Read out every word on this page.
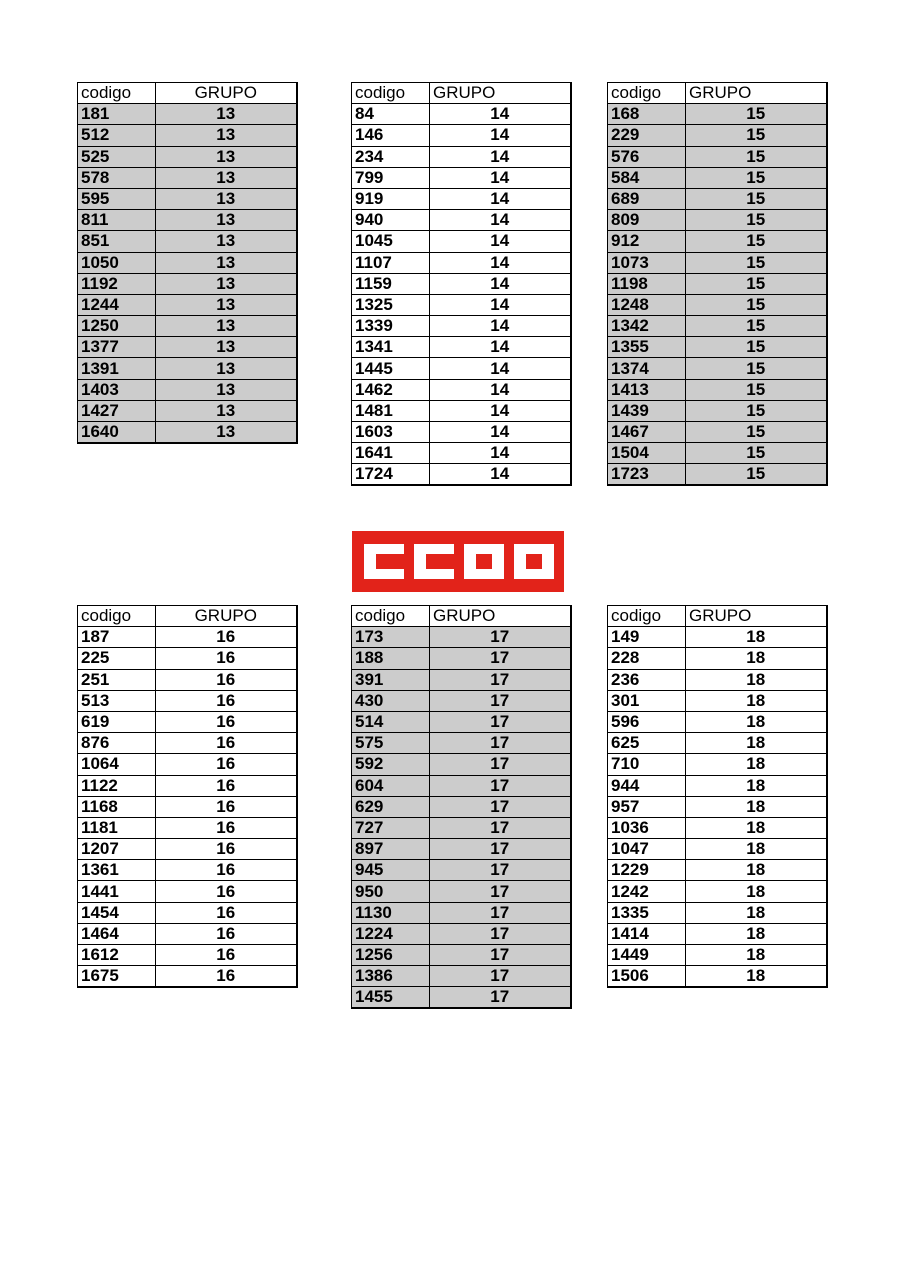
codigo	GRUPO
181	13
512	13
525	13
578	13
595	13
811	13
851	13
1050	13
1192	13
1244	13
1250	13
1377	13
1391	13
1403	13
1427	13
1640	13
codigo	GRUPO
84	14
146	14
234	14
799	14
919	14
940	14
1045	14
1107	14
1159	14
1325	14
1339	14
1341	14
1445	14
1462	14
1481	14
1603	14
1641	14
1724	14
codigo	GRUPO
168	15
229	15
576	15
584	15
689	15
809	15
912	15
1073	15
1198	15
1248	15
1342	15
1355	15
1374	15
1413	15
1439	15
1467	15
1504	15
1723	15
codigo	GRUPO
187	16
225	16
251	16
513	16
619	16
876	16
1064	16
1122	16
1168	16
1181	16
1207	16
1361	16
1441	16
1454	16
1464	16
1612	16
1675	16
codigo	GRUPO
173	17
188	17
391	17
430	17
514	17
575	17
592	17
604	17
629	17
727	17
897	17
945	17
950	17
1130	17
1224	17
1256	17
1386	17
1455	17
codigo	GRUPO
149	18
228	18
236	18
301	18
596	18
625	18
710	18
944	18
957	18
1036	18
1047	18
1229	18
1242	18
1335	18
1414	18
1449	18
1506	18
